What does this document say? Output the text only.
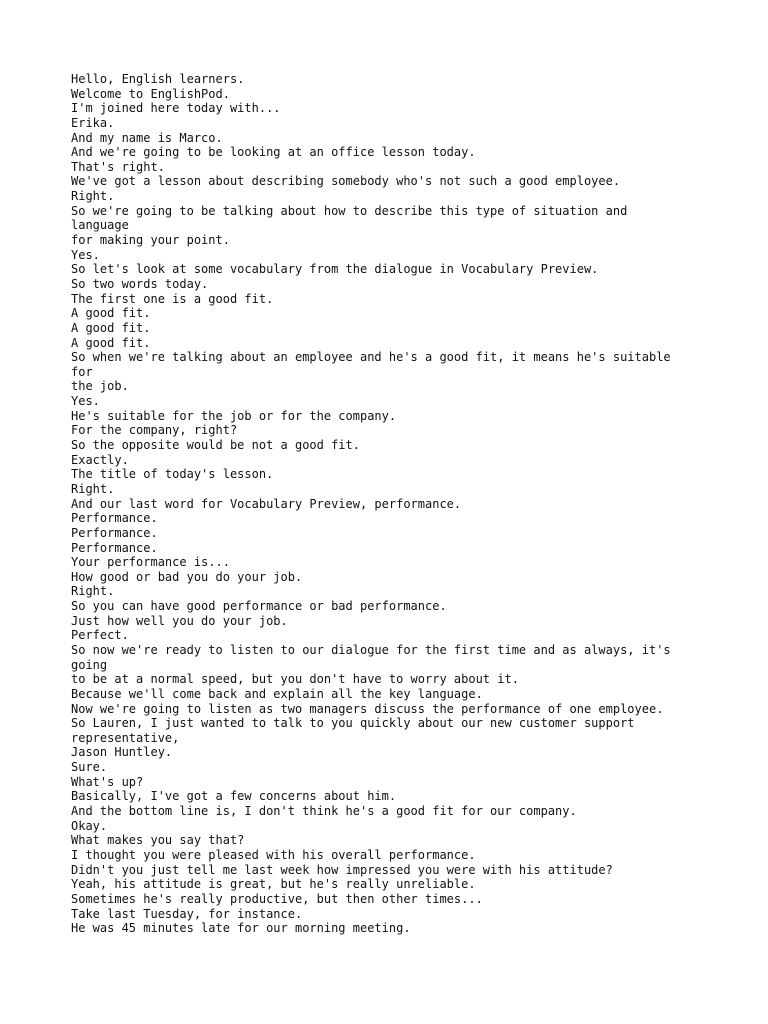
Hello, English learners.
Welcome to EnglishPod.
I'm joined here today with...
Erika.
And my name is Marco.
And we're going to be looking at an office lesson today.
That's right.
We've got a lesson about describing somebody who's not such a good employee.
Right.
So we're going to be talking about how to describe this type of situation and
language
for making your point.
Yes.
So let's look at some vocabulary from the dialogue in Vocabulary Preview.
So two words today.
The first one is a good fit.
A good fit.
A good fit.
A good fit.
So when we're talking about an employee and he's a good fit, it means he's suitable
for
the job.
Yes.
He's suitable for the job or for the company.
For the company, right?
So the opposite would be not a good fit.
Exactly.
The title of today's lesson.
Right.
And our last word for Vocabulary Preview, performance.
Performance.
Performance.
Performance.
Your performance is...
How good or bad you do your job.
Right.
So you can have good performance or bad performance.
Just how well you do your job.
Perfect.
So now we're ready to listen to our dialogue for the first time and as always, it's
going
to be at a normal speed, but you don't have to worry about it.
Because we'll come back and explain all the key language.
Now we're going to listen as two managers discuss the performance of one employee.
So Lauren, I just wanted to talk to you quickly about our new customer support
representative,
Jason Huntley.
Sure.
What's up?
Basically, I've got a few concerns about him.
And the bottom line is, I don't think he's a good fit for our company.
Okay.
What makes you say that?
I thought you were pleased with his overall performance.
Didn't you just tell me last week how impressed you were with his attitude?
Yeah, his attitude is great, but he's really unreliable.
Sometimes he's really productive, but then other times...
Take last Tuesday, for instance.
He was 45 minutes late for our morning meeting.
